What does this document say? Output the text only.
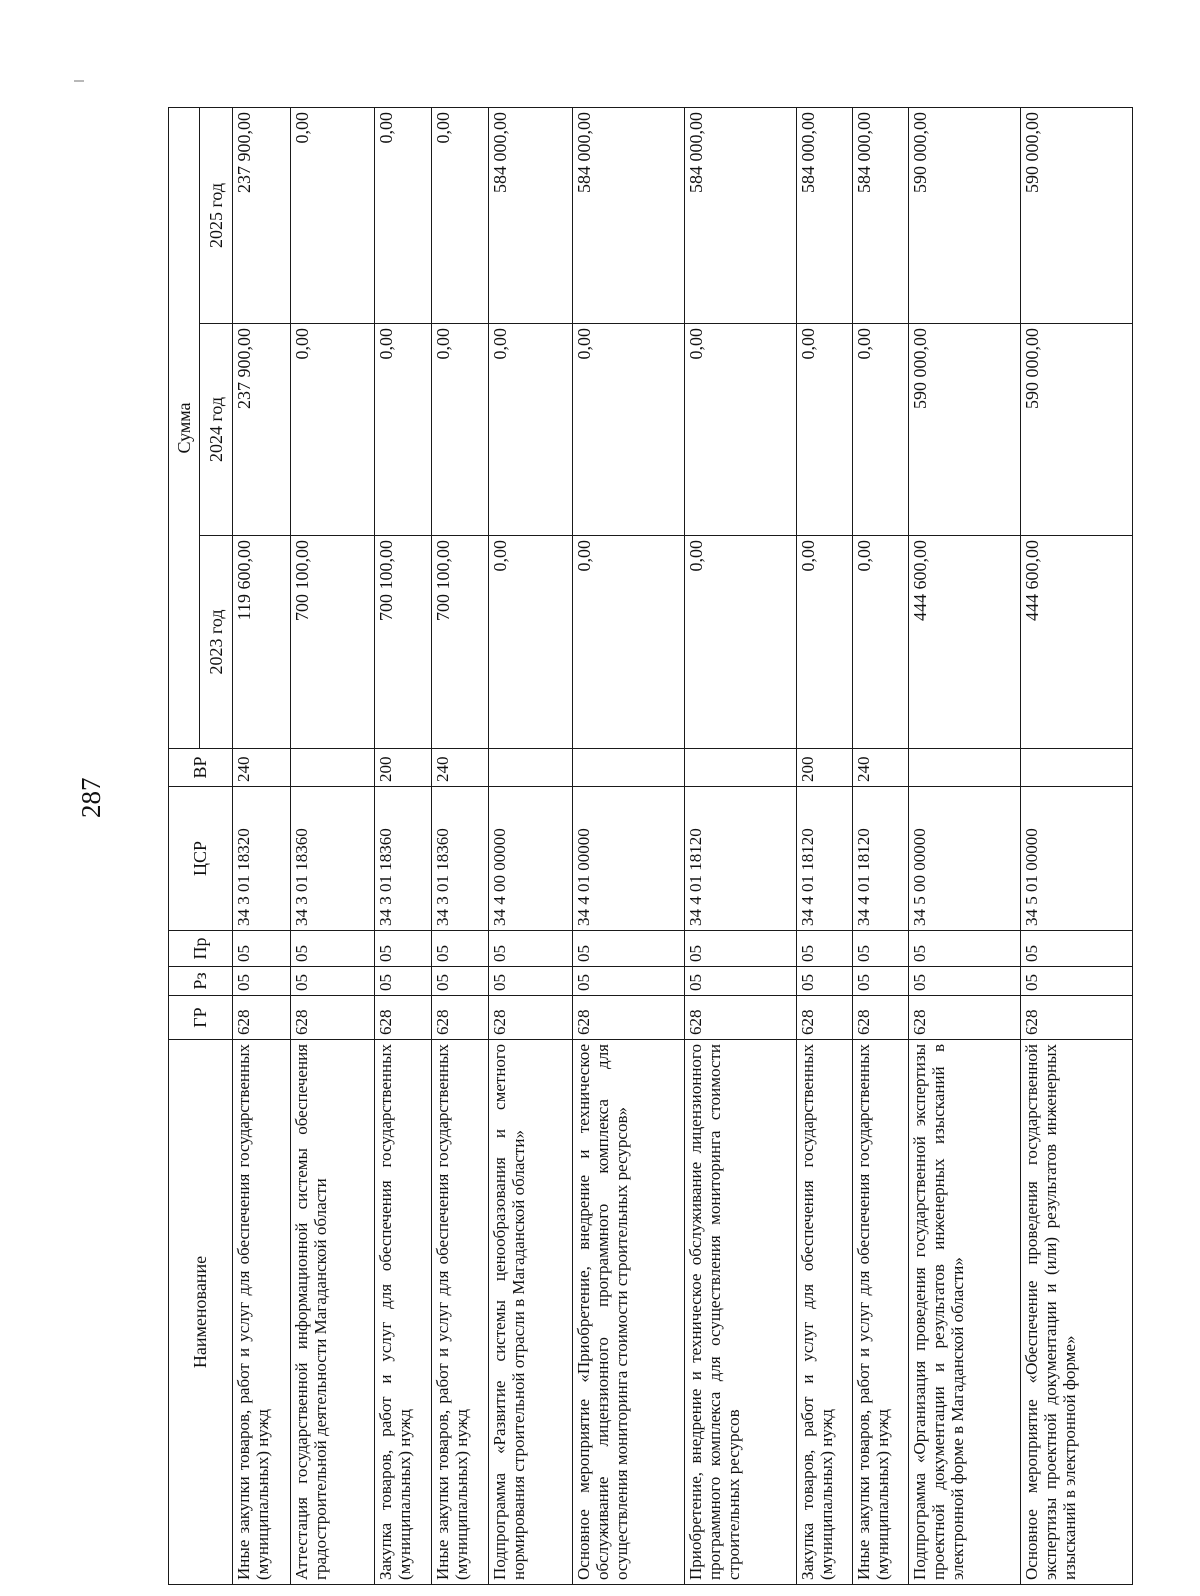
287
Наименование	ГР	Рз	Пр	ЦСР	ВР	Сумма		
						2023 год	2024 год	2025 год
Иные закупки товаров, работ и услуг для обеспечения государственных (муниципальных) нужд	628	05	05	34 3 01 18320	240	119 600,00	237 900,00	237 900,00
Аттестация государственной информационной системы обеспечения градостроительной деятельности Магаданской области	628	05	05	34 3 01 18360		700 100,00	0,00	0,00
Закупка товаров, работ и услуг для обеспечения государственных (муниципальных) нужд	628	05	05	34 3 01 18360	200	700 100,00	0,00	0,00
Иные закупки товаров, работ и услуг для обеспечения государственных (муниципальных) нужд	628	05	05	34 3 01 18360	240	700 100,00	0,00	0,00
Подпрограмма «Развитие системы ценообразования и сметного нормирования строительной отрасли в Магаданской области»	628	05	05	34 4 00 00000		0,00	0,00	584 000,00
Основное мероприятие «Приобретение, внедрение и техническое обслуживание лицензионного программного комплекса для осуществления мониторинга стоимости строительных ресурсов»	628	05	05	34 4 01 00000		0,00	0,00	584 000,00
Приобретение, внедрение и техническое обслуживание лицензионного программного комплекса для осуществления мониторинга стоимости строительных ресурсов	628	05	05	34 4 01 18120		0,00	0,00	584 000,00
Закупка товаров, работ и услуг для обеспечения государственных (муниципальных) нужд	628	05	05	34 4 01 18120	200	0,00	0,00	584 000,00
Иные закупки товаров, работ и услуг для обеспечения государственных (муниципальных) нужд	628	05	05	34 4 01 18120	240	0,00	0,00	584 000,00
Подпрограмма «Организация проведения государственной экспертизы проектной документации и результатов инженерных изысканий в электронной форме в Магаданской области»	628	05	05	34 5 00 00000		444 600,00	590 000,00	590 000,00
Основное мероприятие «Обеспечение проведения государственной экспертизы проектной документации и (или) результатов инженерных изысканий в электронной форме»	628	05	05	34 5 01 00000		444 600,00	590 000,00	590 000,00
